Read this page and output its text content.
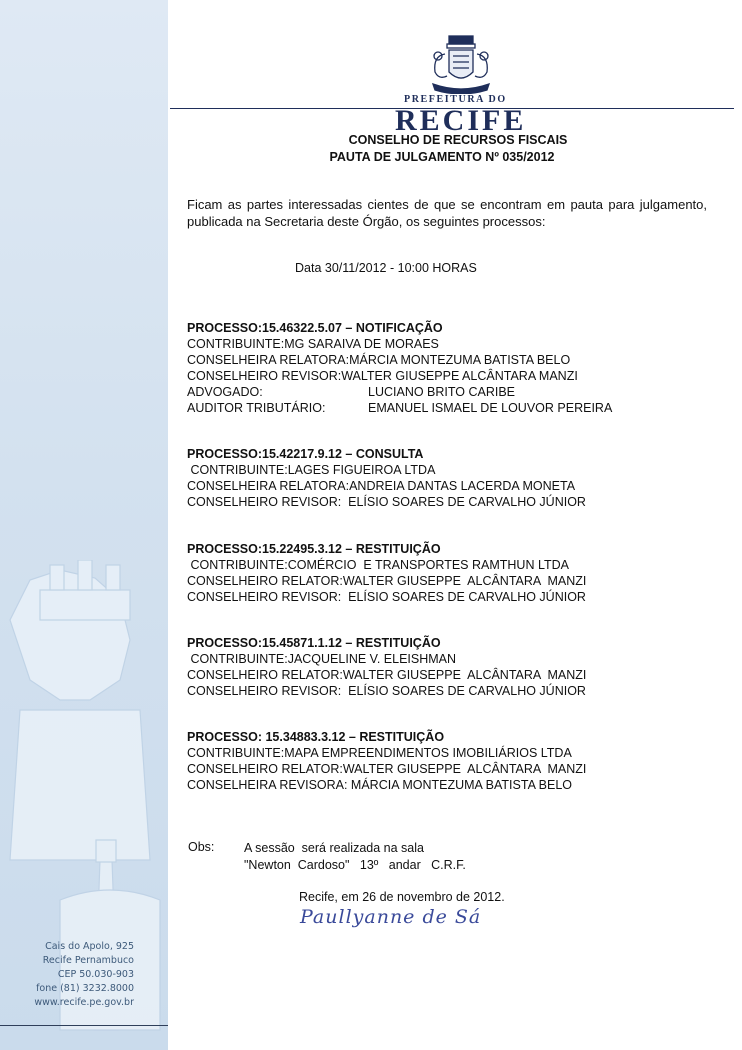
Cais do Apolo, 925
Recife Pernambuco
CEP 50.030-903
fone (81) 3232.8000
www.recife.pe.gov.br
PREFEITURA DO
RECIFE
CONSELHO DE RECURSOS FISCAIS
PAUTA DE JULGAMENTO Nº 035/2012
Ficam as partes interessadas cientes de que se encontram em pauta para julgamento, publicada na Secretaria deste Órgão, os seguintes processos:
Data 30/11/2012 - 10:00 HORAS
PROCESSO:15.46322.5.07 – NOTIFICAÇÃO
CONTRIBUINTE:MG SARAIVA DE MORAES
CONSELHEIRA RELATORA:MÁRCIA MONTEZUMA BATISTA BELO
CONSELHEIRO REVISOR:WALTER GIUSEPPE ALCÂNTARA MANZI
ADVOGADO:	LUCIANO BRITO CARIBE
AUDITOR TRIBUTÁRIO:	EMANUEL ISMAEL DE LOUVOR PEREIRA
PROCESSO:15.42217.9.12 – CONSULTA
CONTRIBUINTE:LAGES FIGUEIROA LTDA
CONSELHEIRA RELATORA:ANDREIA DANTAS LACERDA MONETA
CONSELHEIRO REVISOR:  ELÍSIO SOARES DE CARVALHO JÚNIOR
PROCESSO:15.22495.3.12 – RESTITUIÇÃO
CONTRIBUINTE:COMÉRCIO  E TRANSPORTES RAMTHUN LTDA
CONSELHEIRO RELATOR:WALTER GIUSEPPE  ALCÂNTARA  MANZI
CONSELHEIRO REVISOR:  ELÍSIO SOARES DE CARVALHO JÚNIOR
PROCESSO:15.45871.1.12 – RESTITUIÇÃO
CONTRIBUINTE:JACQUELINE V. ELEISHMAN
CONSELHEIRO RELATOR:WALTER GIUSEPPE  ALCÂNTARA  MANZI
CONSELHEIRO REVISOR:  ELÍSIO SOARES DE CARVALHO JÚNIOR
PROCESSO: 15.34883.3.12 – RESTITUIÇÃO
CONTRIBUINTE:MAPA EMPREENDIMENTOS IMOBILIÁRIOS LTDA
CONSELHEIRO RELATOR:WALTER GIUSEPPE  ALCÂNTARA  MANZI
CONSELHEIRA REVISORA: MÁRCIA MONTEZUMA BATISTA BELO
Obs: A sessão  será realizada na sala
"Newton  Cardoso"   13º   andar   C.R.F.
Recife, em 26 de novembro de 2012.
Paullyanne de Sá
